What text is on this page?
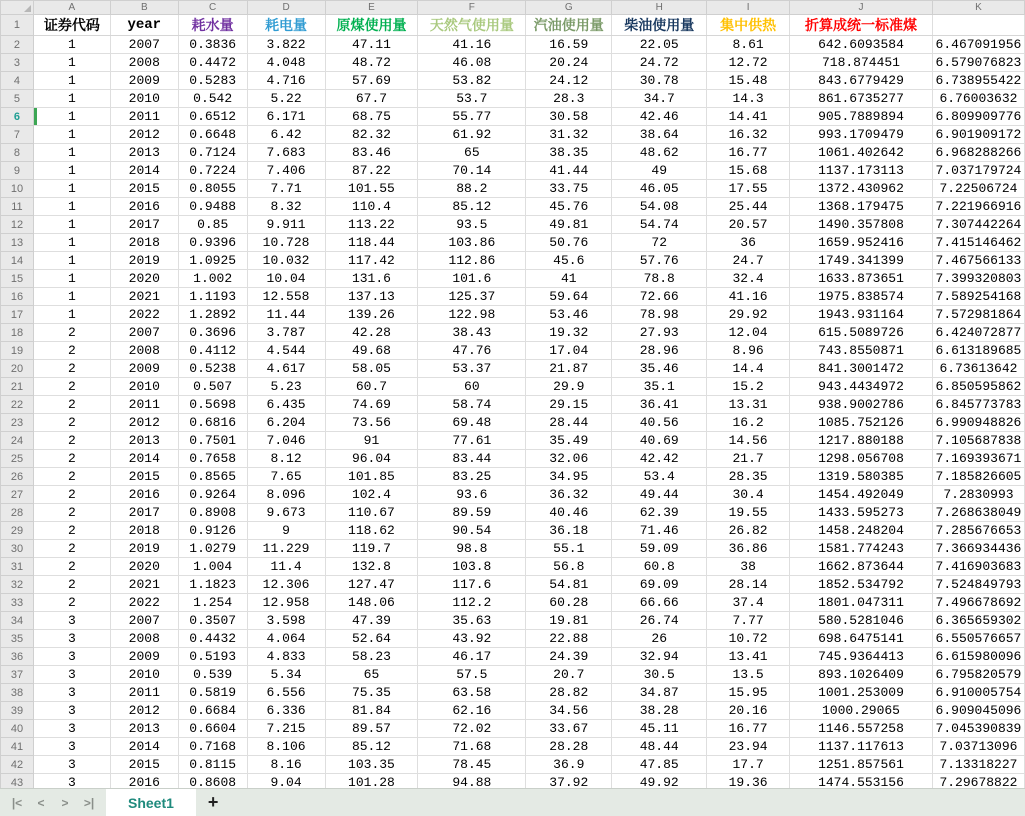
	A	B	C	D	E	F	G	H	I	J	K
1	证券代码	year	耗水量	耗电量	原煤使用量	天然气使用量	汽油使用量	柴油使用量	集中供热	折算成统一标准煤	
2	1	2007	0.3836	3.822	47.11	41.16	16.59	22.05	8.61	642.6093584	6.467091956
3	1	2008	0.4472	4.048	48.72	46.08	20.24	24.72	12.72	718.874451	6.579076823
4	1	2009	0.5283	4.716	57.69	53.82	24.12	30.78	15.48	843.6779429	6.738955422
5	1	2010	0.542	5.22	67.7	53.7	28.3	34.7	14.3	861.6735277	6.76003632
6	1	2011	0.6512	6.171	68.75	55.77	30.58	42.46	14.41	905.7889894	6.809909776
7	1	2012	0.6648	6.42	82.32	61.92	31.32	38.64	16.32	993.1709479	6.901909172
8	1	2013	0.7124	7.683	83.46	65	38.35	48.62	16.77	1061.402642	6.968288266
9	1	2014	0.7224	7.406	87.22	70.14	41.44	49	15.68	1137.173113	7.037179724
10	1	2015	0.8055	7.71	101.55	88.2	33.75	46.05	17.55	1372.430962	7.22506724
11	1	2016	0.9488	8.32	110.4	85.12	45.76	54.08	25.44	1368.179475	7.221966916
12	1	2017	0.85	9.911	113.22	93.5	49.81	54.74	20.57	1490.357808	7.307442264
13	1	2018	0.9396	10.728	118.44	103.86	50.76	72	36	1659.952416	7.415146462
14	1	2019	1.0925	10.032	117.42	112.86	45.6	57.76	24.7	1749.341399	7.467566133
15	1	2020	1.002	10.04	131.6	101.6	41	78.8	32.4	1633.873651	7.399320803
16	1	2021	1.1193	12.558	137.13	125.37	59.64	72.66	41.16	1975.838574	7.589254168
17	1	2022	1.2892	11.44	139.26	122.98	53.46	78.98	29.92	1943.931164	7.572981864
18	2	2007	0.3696	3.787	42.28	38.43	19.32	27.93	12.04	615.5089726	6.424072877
19	2	2008	0.4112	4.544	49.68	47.76	17.04	28.96	8.96	743.8550871	6.613189685
20	2	2009	0.5238	4.617	58.05	53.37	21.87	35.46	14.4	841.3001472	6.73613642
21	2	2010	0.507	5.23	60.7	60	29.9	35.1	15.2	943.4434972	6.850595862
22	2	2011	0.5698	6.435	74.69	58.74	29.15	36.41	13.31	938.9002786	6.845773783
23	2	2012	0.6816	6.204	73.56	69.48	28.44	40.56	16.2	1085.752126	6.990948826
24	2	2013	0.7501	7.046	91	77.61	35.49	40.69	14.56	1217.880188	7.105687838
25	2	2014	0.7658	8.12	96.04	83.44	32.06	42.42	21.7	1298.056708	7.169393671
26	2	2015	0.8565	7.65	101.85	83.25	34.95	53.4	28.35	1319.580385	7.185826605
27	2	2016	0.9264	8.096	102.4	93.6	36.32	49.44	30.4	1454.492049	7.2830993
28	2	2017	0.8908	9.673	110.67	89.59	40.46	62.39	19.55	1433.595273	7.268638049
29	2	2018	0.9126	9	118.62	90.54	36.18	71.46	26.82	1458.248204	7.285676653
30	2	2019	1.0279	11.229	119.7	98.8	55.1	59.09	36.86	1581.774243	7.366934436
31	2	2020	1.004	11.4	132.8	103.8	56.8	60.8	38	1662.873644	7.416903683
32	2	2021	1.1823	12.306	127.47	117.6	54.81	69.09	28.14	1852.534792	7.524849793
33	2	2022	1.254	12.958	148.06	112.2	60.28	66.66	37.4	1801.047311	7.496678692
34	3	2007	0.3507	3.598	47.39	35.63	19.81	26.74	7.77	580.5281046	6.365659302
35	3	2008	0.4432	4.064	52.64	43.92	22.88	26	10.72	698.6475141	6.550576657
36	3	2009	0.5193	4.833	58.23	46.17	24.39	32.94	13.41	745.9364413	6.615980096
37	3	2010	0.539	5.34	65	57.5	20.7	30.5	13.5	893.1026409	6.795820579
38	3	2011	0.5819	6.556	75.35	63.58	28.82	34.87	15.95	1001.253009	6.910005754
39	3	2012	0.6684	6.336	81.84	62.16	34.56	38.28	20.16	1000.29065	6.909045096
40	3	2013	0.6604	7.215	89.57	72.02	33.67	45.11	16.77	1146.557258	7.045390839
41	3	2014	0.7168	8.106	85.12	71.68	28.28	48.44	23.94	1137.117613	7.03713096
42	3	2015	0.8115	8.16	103.35	78.45	36.9	47.85	17.7	1251.857561	7.13318227
43	3	2016	0.8608	9.04	101.28	94.88	37.92	49.92	19.36	1474.553156	7.29678822
|<	<	>	>|	Sheet1	+
